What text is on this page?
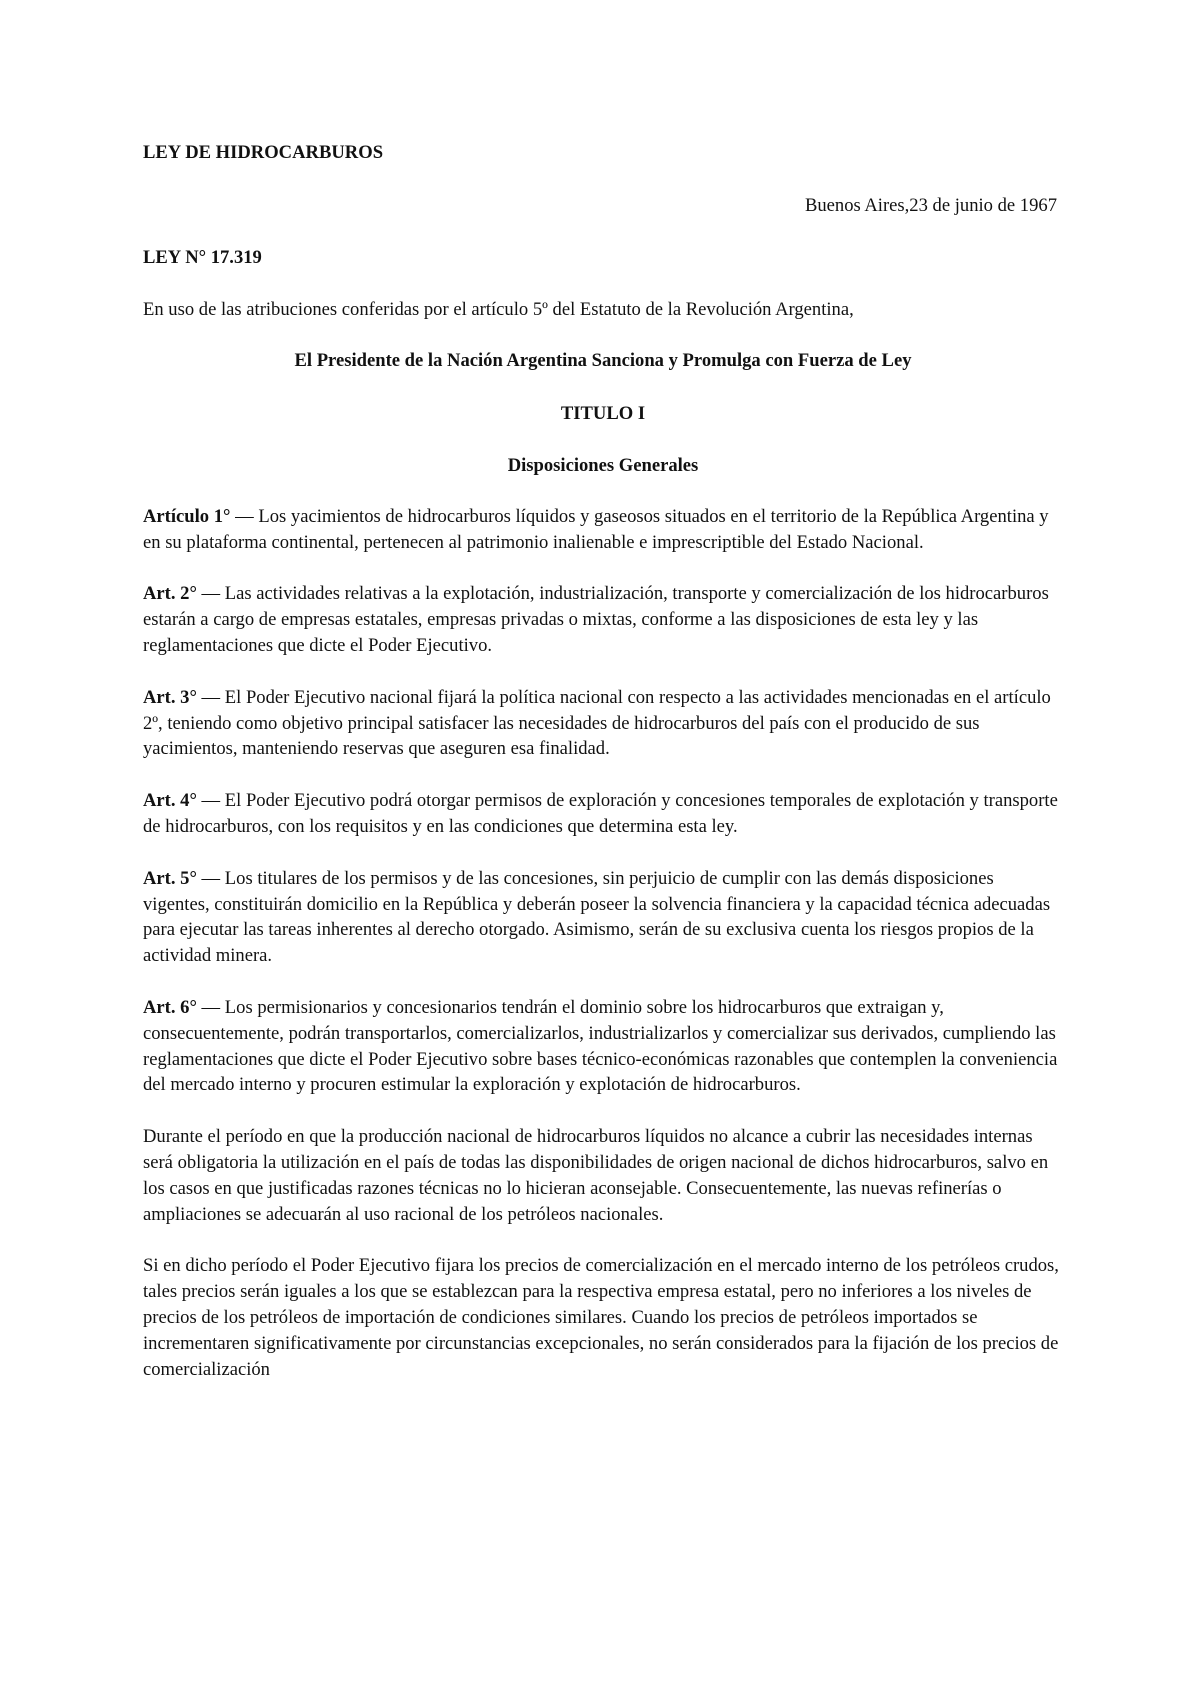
LEY DE HIDROCARBUROS
Buenos Aires,23 de junio de 1967
LEY N° 17.319
En uso de las atribuciones conferidas por el artículo 5º del Estatuto de la Revolución Argentina,
El Presidente de la Nación Argentina Sanciona y Promulga con Fuerza de Ley
TITULO I
Disposiciones Generales

Artículo 1° — Los yacimientos de hidrocarburos líquidos y gaseosos situados en el territorio de la República Argentina y en su plataforma continental, pertenecen al patrimonio inalienable e imprescriptible del Estado Nacional.

Art. 2° — Las actividades relativas a la explotación, industrialización, transporte y comercialización de los hidrocarburos estarán a cargo de empresas estatales, empresas privadas o mixtas, conforme a las disposiciones de esta ley y las reglamentaciones que dicte el Poder Ejecutivo.

Art. 3° — El Poder Ejecutivo nacional fijará la política nacional con respecto a las actividades mencionadas en el artículo 2º, teniendo como objetivo principal satisfacer las necesidades de hidrocarburos del país con el producido de sus yacimientos, manteniendo reservas que aseguren esa finalidad.

Art. 4° — El Poder Ejecutivo podrá otorgar permisos de exploración y concesiones temporales de explotación y transporte de hidrocarburos, con los requisitos y en las condiciones que determina esta ley.

Art. 5° — Los titulares de los permisos y de las concesiones, sin perjuicio de cumplir con las demás disposiciones vigentes, constituirán domicilio en la República y deberán poseer la solvencia financiera y la capacidad técnica adecuadas para ejecutar las tareas inherentes al derecho otorgado. Asimismo, serán de su exclusiva cuenta los riesgos propios de la actividad minera.

Art. 6° — Los permisionarios y concesionarios tendrán el dominio sobre los hidrocarburos que extraigan y, consecuentemente, podrán transportarlos, comercializarlos, industrializarlos y comercializar sus derivados, cumpliendo las reglamentaciones que dicte el Poder Ejecutivo sobre bases técnico-económicas razonables que contemplen la conveniencia del mercado interno y procuren estimular la exploración y explotación de hidrocarburos.

Durante el período en que la producción nacional de hidrocarburos líquidos no alcance a cubrir las necesidades internas será obligatoria la utilización en el país de todas las disponibilidades de origen nacional de dichos hidrocarburos, salvo en los casos en que justificadas razones técnicas no lo hicieran aconsejable. Consecuentemente, las nuevas refinerías o ampliaciones se adecuarán al uso racional de los petróleos nacionales.

Si en dicho período el Poder Ejecutivo fijara los precios de comercialización en el mercado interno de los petróleos crudos, tales precios serán iguales a los que se establezcan para la respectiva empresa estatal, pero no inferiores a los niveles de precios de los petróleos de importación de condiciones similares. Cuando los precios de petróleos importados se incrementaren significativamente por circunstancias excepcionales, no serán considerados para la fijación de los precios de comercialización
